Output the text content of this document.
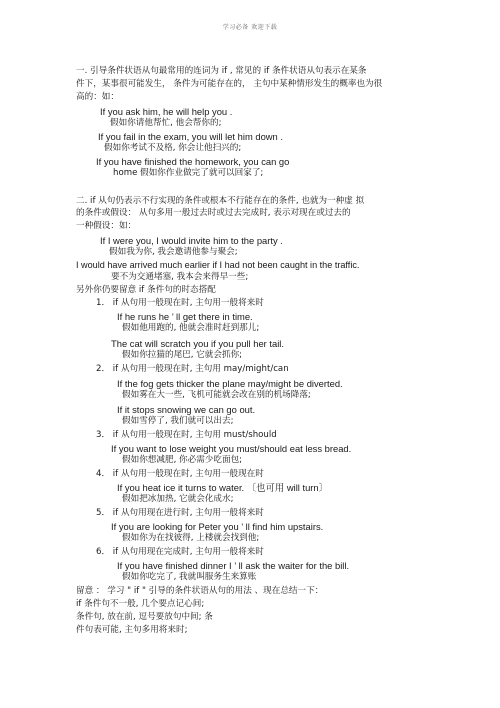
学习必备 欢迎下载
一. 引导条件状语从句最常用的连词为 if , 常见的 if 条件状语从句表示在某条
件下，某事很可能发生， 条件为可能存在的， 主句中某种情形发生的概率也为很
高的：如：
If you ask him, he will help you .
假如你请他帮忙, 他会帮你的;
If you fail in the exam, you will let him down .
假如你考试不及格, 你会让他扫兴的;
If you have finished the homework, you can go
home 假如你作业做完了就可以回家了;
二. if 从句仍表示不行实现的条件或根本不行能存在的条件, 也就为一种虚 拟
的条件或假设： 从句多用一般过去时或过去完成时, 表示对现在或过去的
一种假设：如：
If I were you, I would invite him to the party .
假如我为你, 我会邀请他参与聚会;
I would have arrived much earlier if I had not been caught in the traffic.
要不为交通堵塞, 我本会来得早一些;
另外你仍要留意 if 条件句的时态搭配
1． if 从句用一般现在时, 主句用一般将来时
If he runs he ’ ll get there in time.
假如他用跑的, 他就会准时赶到那儿;
The cat will scratch you if you pull her tail.
假如你拉猫的尾巴, 它就会抓你;
2． if 从句用一般现在时, 主句用 may/might/can
If the fog gets thicker the plane may/might be diverted.
假如雾在大一些, 飞机可能就会改在别的机场降落;
If it stops snowing we can go out.
假如雪停了, 我们就可以出去;
3． if 从句用一般现在时, 主句用 must/should
If you want to lose weight you must/should eat less bread.
假如你想减肥, 你必需少吃面包;
4． if 从句用一般现在时, 主句用一般现在时
If you heat ice it turns to water. 〔也可用 will turn〕
假如把冰加热, 它就会化成水;
5． if 从句用现在进行时, 主句用一般将来时
If you are looking for Peter you ’ ll find him upstairs.
假如你为在找彼得, 上楼就会找到他;
6． if 从句用现在完成时, 主句用一般将来时
If you have finished dinner I ’ ll ask the waiter for the bill.
假如你吃完了, 我就叫服务生来算账
留意 ： 学习 " if " 引导的条件状语从句的用法 、现在总结一下：
if 条件句不一般, 几个要点记心间;
条件句, 放在前, 逗号要放句中间; 条
件句表可能, 主句多用将来时;
